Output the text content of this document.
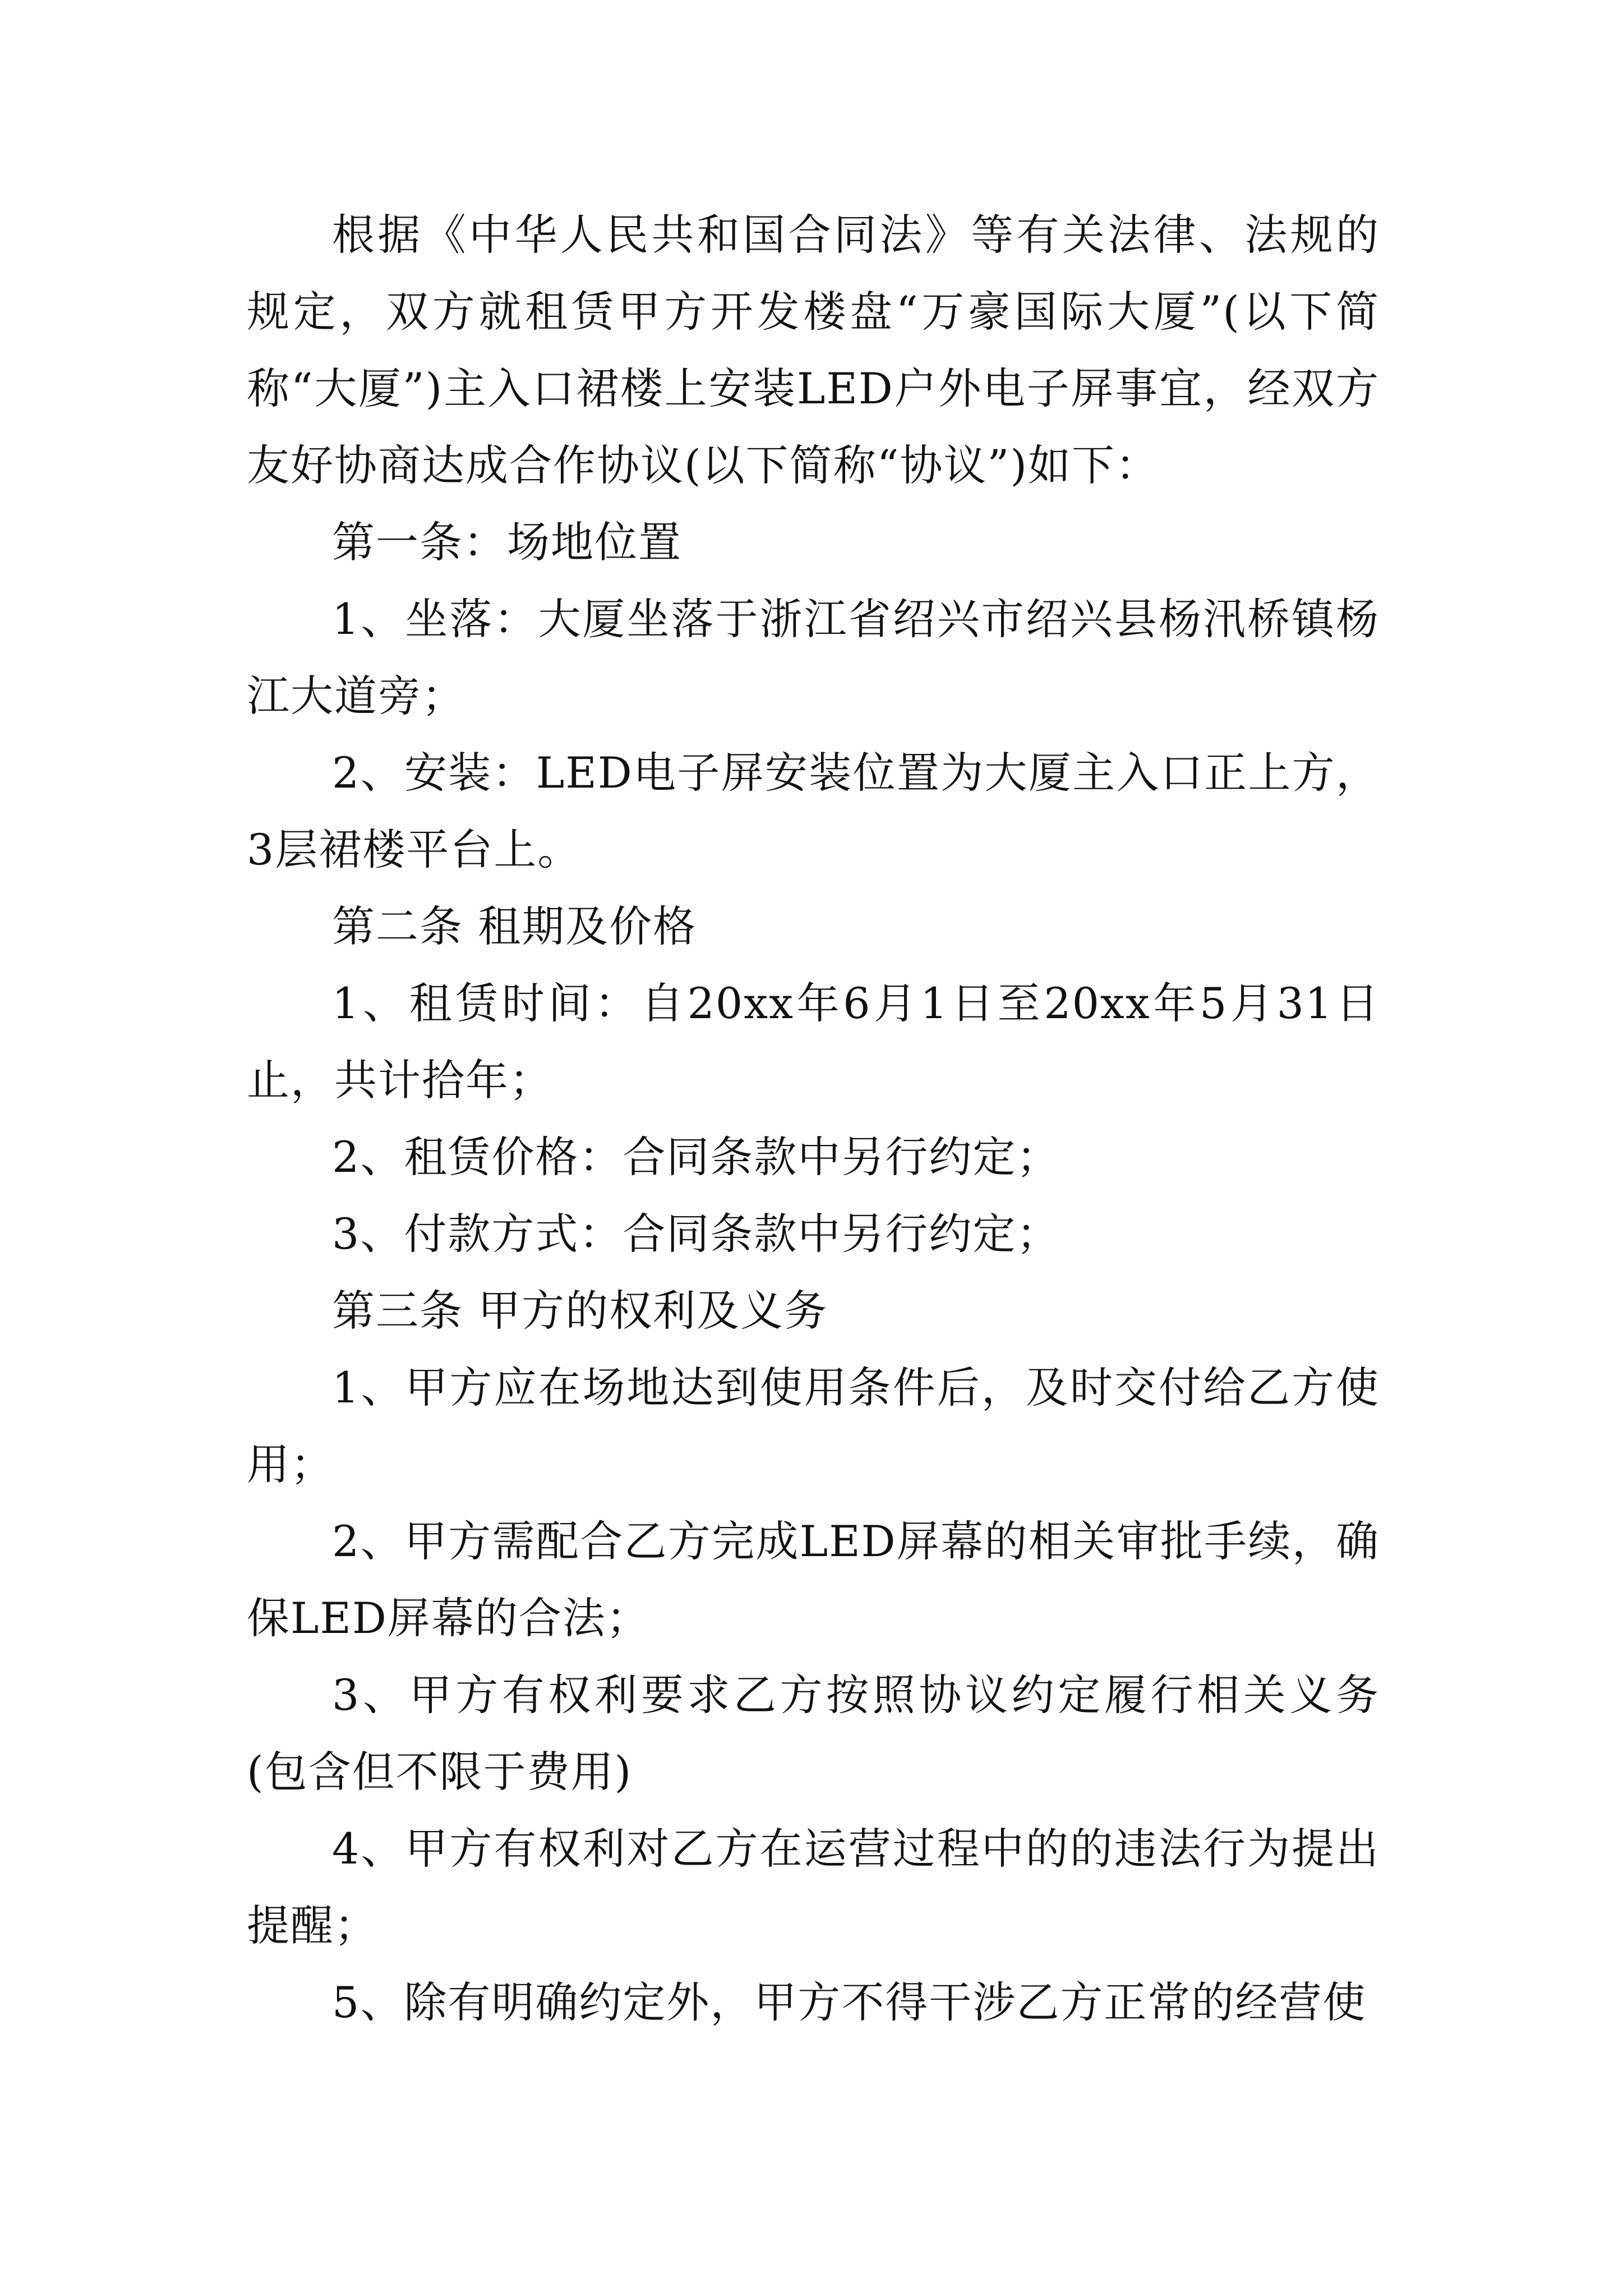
根据《中华人民共和国合同法》等有关法律、法规的规定，双方就租赁甲方开发楼盘“万豪国际大厦”(以下简称“大厦”)主入口裙楼上安装LED户外电子屏事宜，经双方友好协商达成合作协议(以下简称“协议”)如下：

第一条：场地位置

1、坐落：大厦坐落于浙江省绍兴市绍兴县杨汛桥镇杨江大道旁；

2、安装：LED电子屏安装位置为大厦主入口正上方，3层裙楼平台上。

第二条 租期及价格

1、租赁时间：自20xx年6月1日至20xx年5月31日止，共计拾年；

2、租赁价格：合同条款中另行约定；

3、付款方式：合同条款中另行约定；

第三条 甲方的权利及义务

1、甲方应在场地达到使用条件后，及时交付给乙方使用；

2、甲方需配合乙方完成LED屏幕的相关审批手续，确保LED屏幕的合法；

3、甲方有权利要求乙方按照协议约定履行相关义务(包含但不限于费用)

4、甲方有权利对乙方在运营过程中的的违法行为提出提醒；

5、除有明确约定外，甲方不得干涉乙方正常的经营使
